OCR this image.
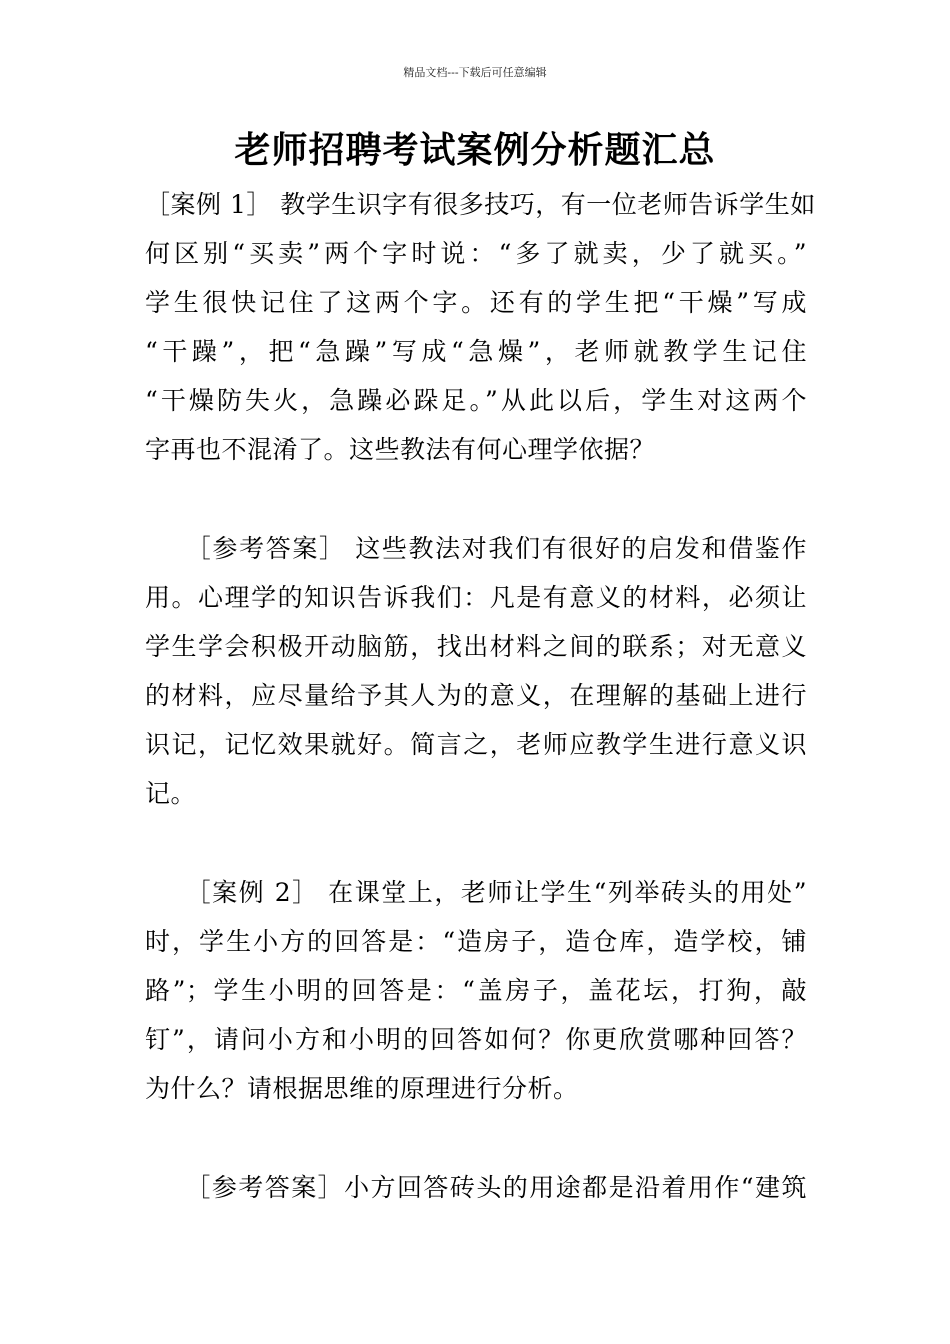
精品文档---下载后可任意编辑
老师招聘考试案例分析题汇总
［案例 1］ 教学生识字有很多技巧，有一位老师告诉学生如
何区别“买卖”两个字时说：“多了就卖，少了就买。”
学生很快记住了这两个字。还有的学生把“干燥”写成
“干躁”，把“急躁”写成“急燥”，老师就教学生记住
“干燥防失火，急躁必跺足。”从此以后，学生对这两个
字再也不混淆了。这些教法有何心理学依据？
　　［参考答案］ 这些教法对我们有很好的启发和借鉴作
用。心理学的知识告诉我们：凡是有意义的材料，必须让
学生学会积极开动脑筋，找出材料之间的联系；对无意义
的材料，应尽量给予其人为的意义，在理解的基础上进行
识记，记忆效果就好。简言之，老师应教学生进行意义识
记。
　　［案例 2］ 在课堂上，老师让学生“列举砖头的用处”
时，学生小方的回答是：“造房子，造仓库，造学校，铺
路”；学生小明的回答是：“盖房子，盖花坛，打狗，敲
钉”，请问小方和小明的回答如何？你更欣赏哪种回答？
为什么？请根据思维的原理进行分析。
　　［参考答案］小方回答砖头的用途都是沿着用作“建筑
